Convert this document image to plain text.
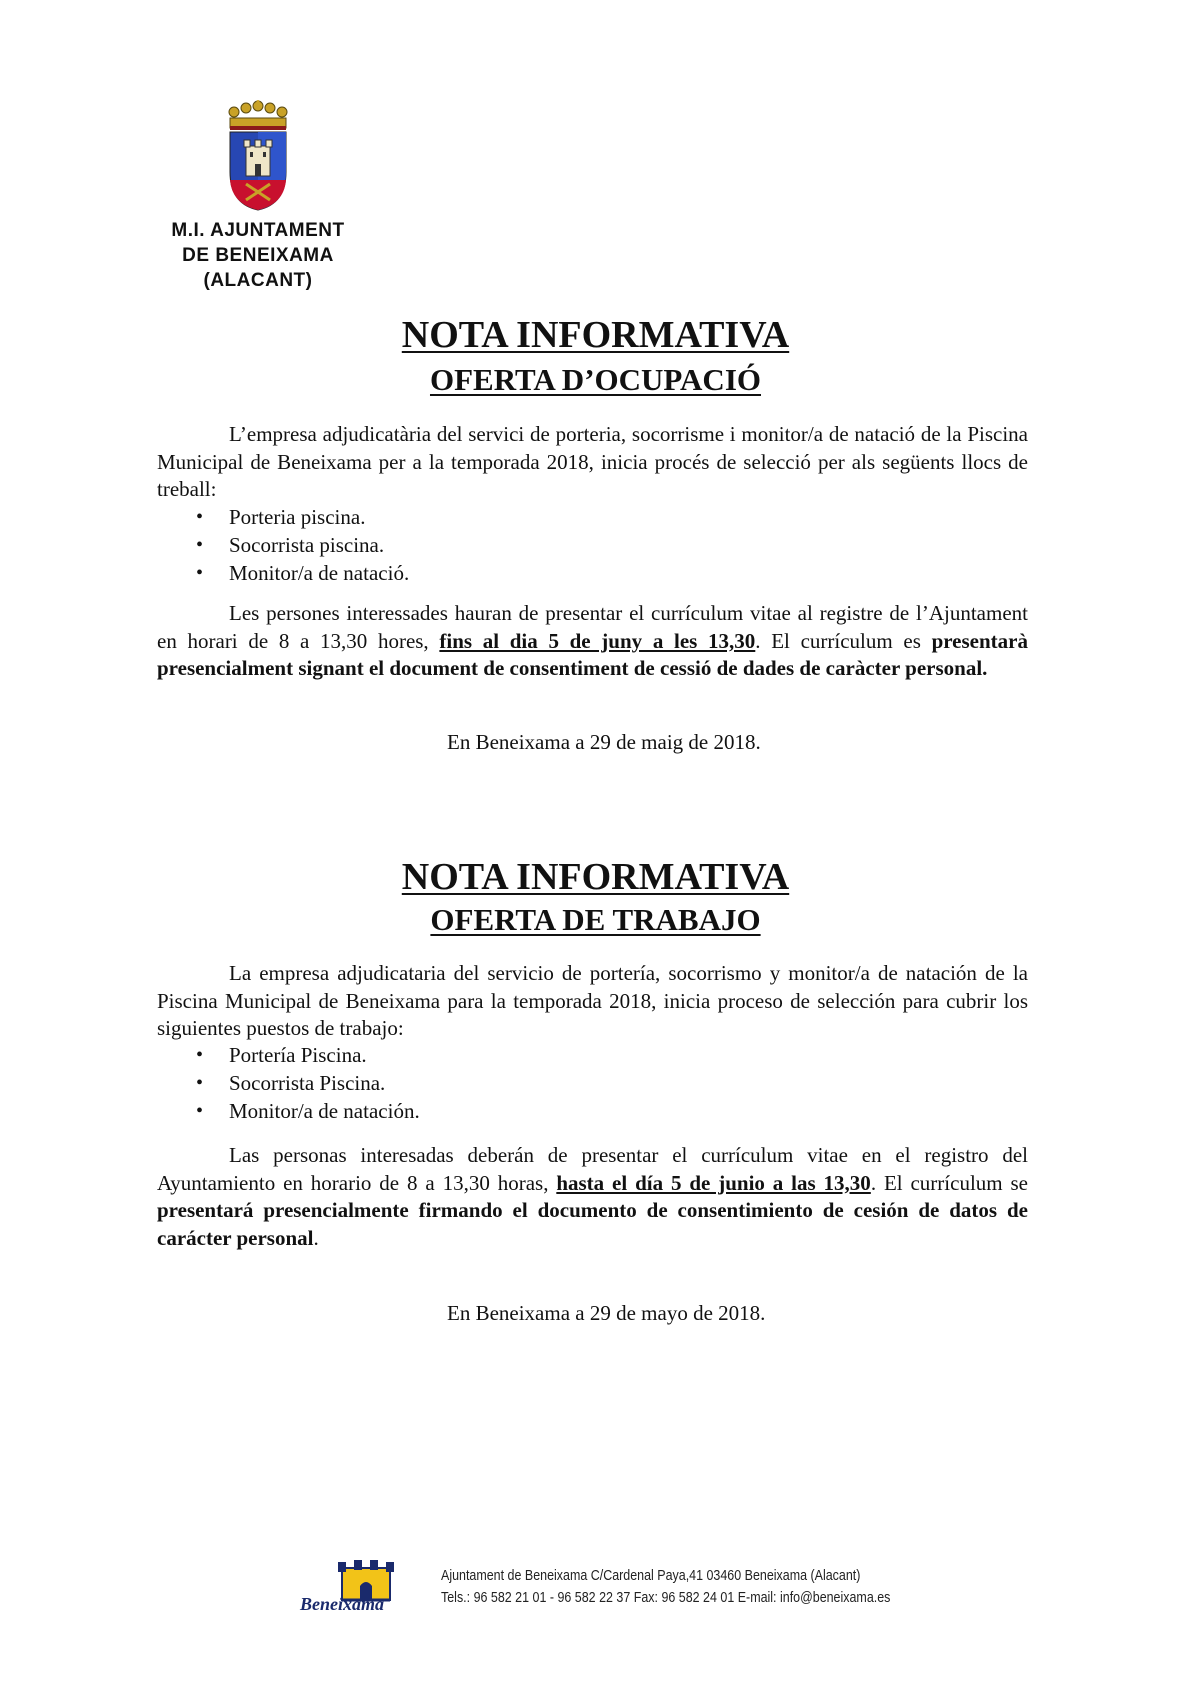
M.I. AJUNTAMENT
DE BENEIXAMA
(ALACANT)
NOTA INFORMATIVA
OFERTA D’OCUPACIÓ

L’empresa adjudicatària del servici de porteria, socorrisme i monitor/a de natació de la Piscina Municipal de Beneixama per a la temporada 2018, inicia procés de selecció per als següents llocs de treball:

• Porteria piscina.
• Socorrista piscina.
• Monitor/a de natació.

Les persones interessades hauran de presentar el currículum vitae al registre de l’Ajuntament en horari de 8 a 13,30 hores, fins al dia 5 de juny a les 13,30. El currículum es presentarà presencialment signant el document de consentiment de cessió de dades de caràcter personal.

En Beneixama a 29 de maig de 2018.
NOTA INFORMATIVA
OFERTA DE TRABAJO

La empresa adjudicataria del servicio de portería, socorrismo y monitor/a de natación de la Piscina Municipal de Beneixama para la temporada 2018, inicia proceso de selección para cubrir los siguientes puestos de trabajo:

• Portería Piscina.
• Socorrista Piscina.
• Monitor/a de natación.

Las personas interesadas deberán de presentar el currículum vitae en el registro del Ayuntamiento en horario de 8 a 13,30 horas, hasta el día 5 de junio a las 13,30. El currículum se presentará presencialmente firmando el documento de consentimiento de cesión de datos de carácter personal.

En Beneixama a 29 de mayo de 2018.
Beneixama
Ajuntament de Beneixama C/Cardenal Paya,41 03460 Beneixama (Alacant)
Tels.: 96 582 21 01 - 96 582 22 37 Fax: 96 582 24 01 E-mail: info@beneixama.es
